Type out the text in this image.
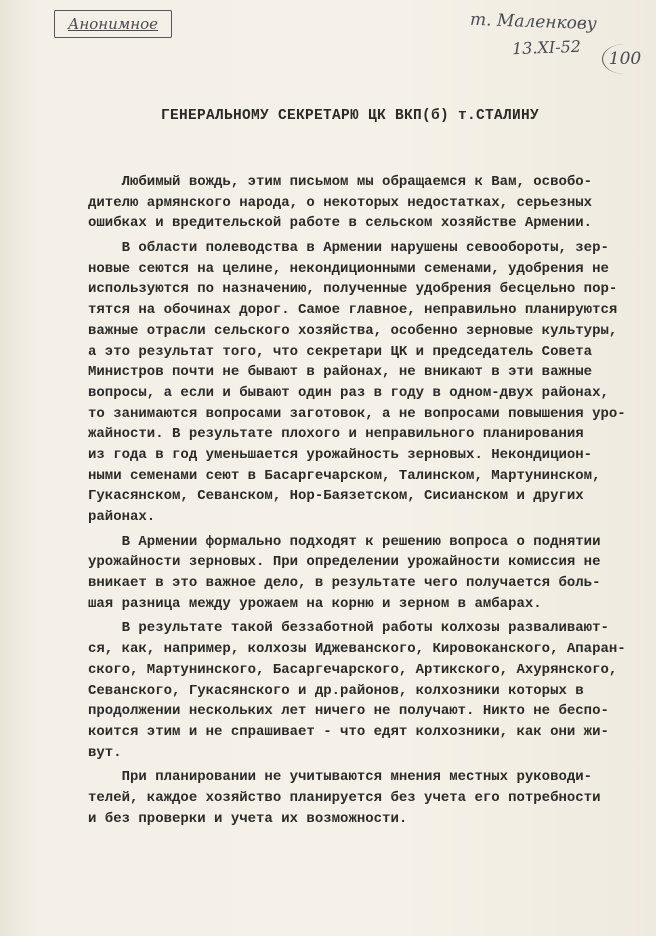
Анонимное	т. Маленкову
13.XI-52
100
ГЕНЕРАЛЬНОМУ СЕКРЕТАРЮ ЦК ВКП(б) т.СТАЛИНУ
Любимый вождь, этим письмом мы обращаемся к Вам, освобо-
дителю армянского народа, о некоторых недостатках, серьезных
ошибках и вредительской работе в сельском хозяйстве Армении.
В области полеводства в Армении нарушены севообороты, зер-
новые сеются на целине, некондиционными семенами, удобрения не
используются по назначению, полученные удобрения бесцельно пор-
тятся на обочинах дорог. Самое главное, неправильно планируются
важные отрасли сельского хозяйства, особенно зерновые культуры,
а это результат того, что секретари ЦК и председатель Совета
Министров почти не бывают в районах, не вникают в эти важные
вопросы, а если и бывают один раз в году в одном-двух районах,
то занимаются вопросами заготовок, а не вопросами повышения уро-
жайности. В результате плохого и неправильного планирования
из года в год уменьшается урожайность зерновых. Некондицион-
ными семенами сеют в Басаргечарском, Талинском, Мартунинском,
Гукасянском, Севанском, Нор-Баязетском, Сисианском и других
районах.
В Армении формально подходят к решению вопроса о поднятии
урожайности зерновых. При определении урожайности комиссия не
вникает в это важное дело, в результате чего получается боль-
шая разница между урожаем на корню и зерном в амбарах.
В результате такой беззаботной работы колхозы разваливают-
ся, как, например, колхозы Иджеванского, Кировоканского, Апаран-
ского, Мартунинского, Басаргечарского, Артикского, Ахурянского,
Севанского, Гукасянского и др.районов, колхозники которых в
продолжении нескольких лет ничего не получают. Никто не беспо-
коится этим и не спрашивает - что едят колхозники, как они жи-
вут.
При планировании не учитываются мнения местных руководи-
телей, каждое хозяйство планируется без учета его потребности
и без проверки и учета их возможности.
